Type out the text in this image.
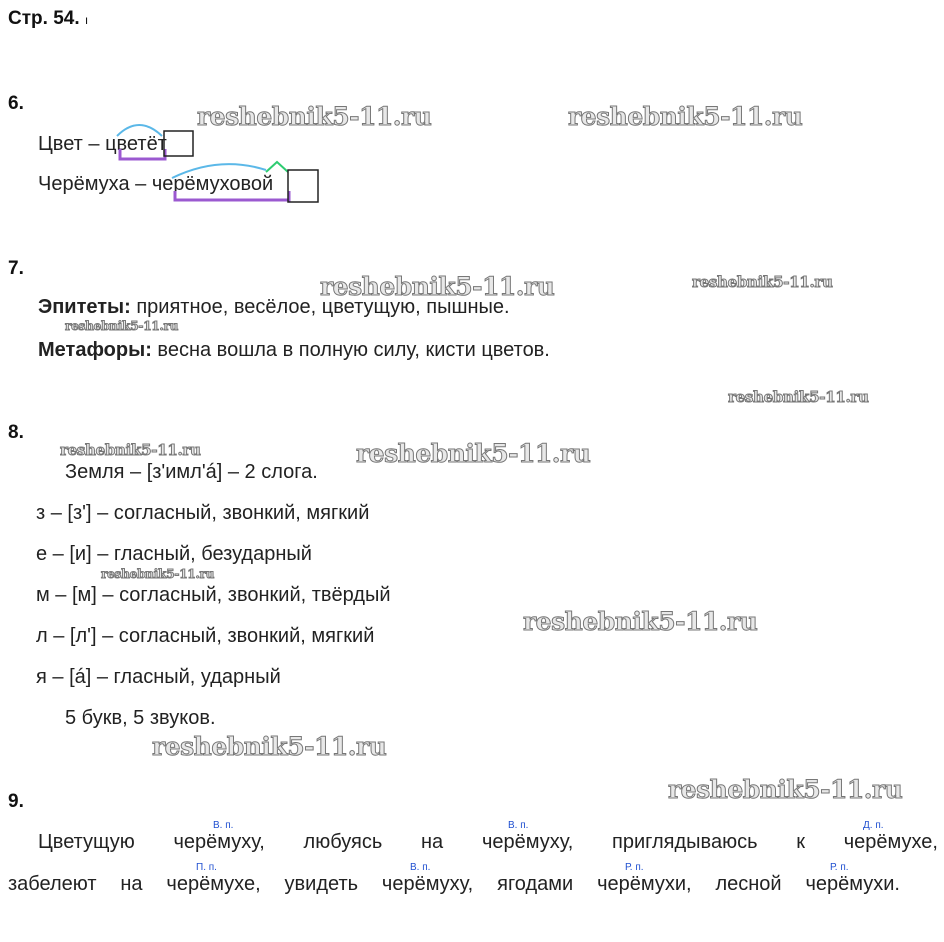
Стр. 54. ı
6.
Цвет – цветёт
Черёмуха – черёмуховой
7.
Эпитеты: приятное, весёлое, цветущую, пышные.
Метафоры: весна вошла в полную силу, кисти цветов.
8.
Земля – [з'имл'á] – 2 слога.
з – [з'] – согласный, звонкий, мягкий
е – [и] – гласный, безударный
м – [м] – согласный, звонкий, твёрдый
л – [л'] – согласный, звонкий, мягкий
я – [á] – гласный, ударный
5 букв, 5 звуков.
9.
В. п.	В. п.	Д. п.
Цветущую черёмуху, любуясь на черёмуху, приглядываюсь к черёмухе,
П. п.	В. п.	Р. п.	Р. п.
забелеют на черёмухе, увидеть черёмуху, ягодами черёмухи, лесной черёмухи.
reshebnik5-11.ru	reshebnik5-11.ru
reshebnik5-11.ru	reshebnik5-11.ru
reshebnik5-11.ru
reshebnik5-11.ru
reshebnik5-11.ru	reshebnik5-11.ru
reshebnik5-11.ru
reshebnik5-11.ru
reshebnik5-11.ru
reshebnik5-11.ru
